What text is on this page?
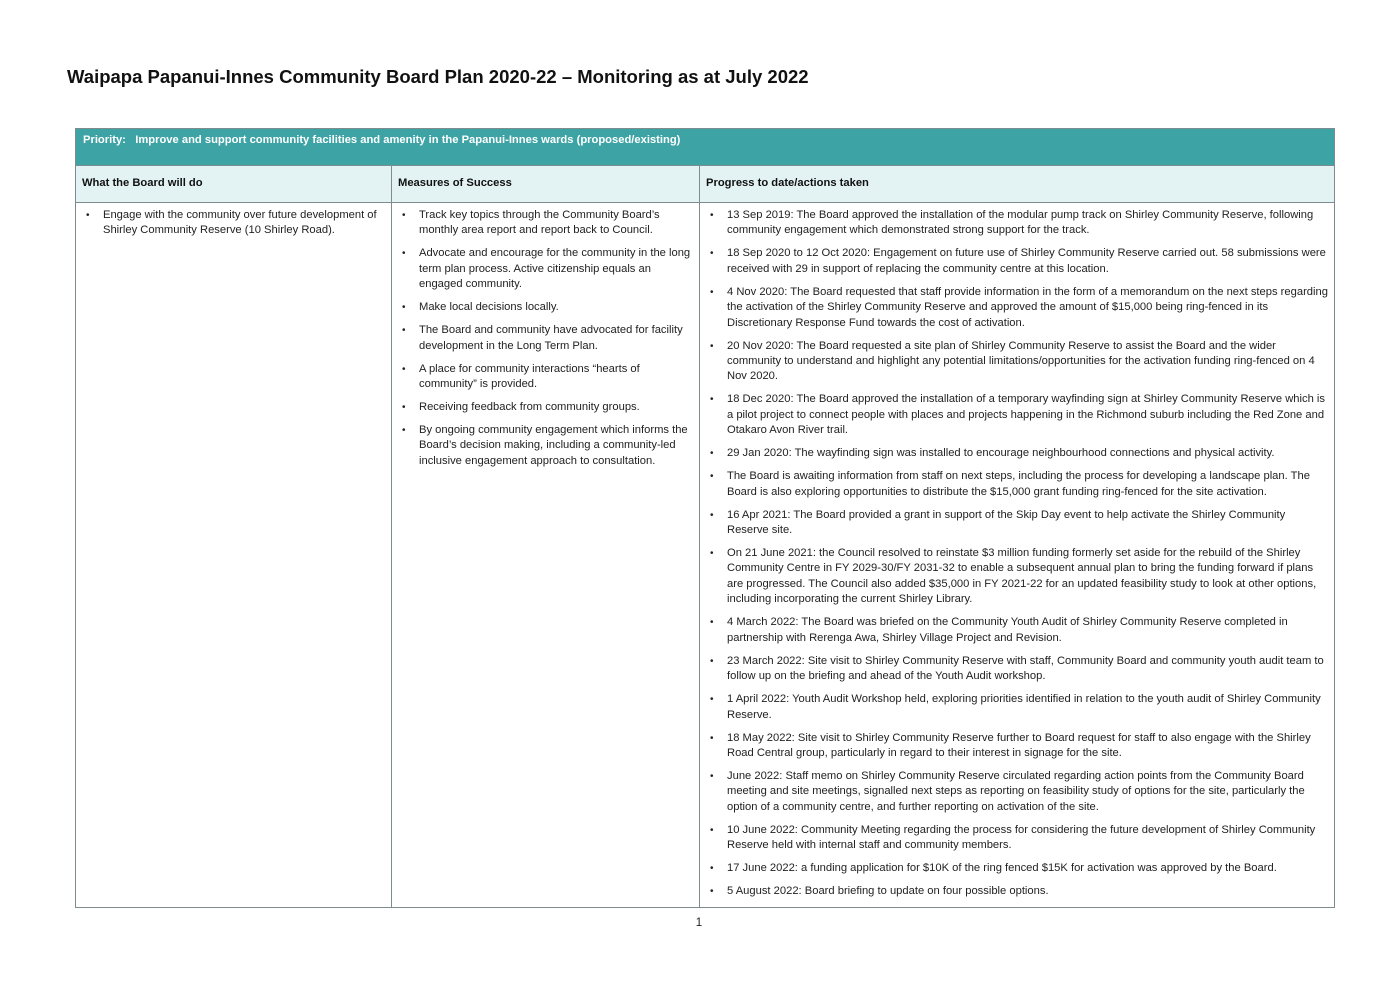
Waipapa Papanui-Innes Community Board Plan 2020-22 – Monitoring as at July 2022
Priority:   Improve and support community facilities and amenity in the Papanui-Innes wards (proposed/existing)
What the Board will do	Measures of Success	Progress to date/actions taken
• Engage with the community over future development of Shirley Community Reserve (10 Shirley Road).
• Track key topics through the Community Board’s monthly area report and report back to Council.
• Advocate and encourage for the community in the long term plan process. Active citizenship equals an engaged community.
• Make local decisions locally.
• The Board and community have advocated for facility development in the Long Term Plan.
• A place for community interactions “hearts of community” is provided.
• Receiving feedback from community groups.
• By ongoing community engagement which informs the Board’s decision making, including a community-led inclusive engagement approach to consultation.
• 13 Sep 2019: The Board approved the installation of the modular pump track on Shirley Community Reserve, following community engagement which demonstrated strong support for the track.
• 18 Sep 2020 to 12 Oct 2020: Engagement on future use of Shirley Community Reserve carried out. 58 submissions were received with 29 in support of replacing the community centre at this location.
• 4 Nov 2020: The Board requested that staff provide information in the form of a memorandum on the next steps regarding the activation of the Shirley Community Reserve and approved the amount of $15,000 being ring-fenced in its Discretionary Response Fund towards the cost of activation.
• 20 Nov 2020: The Board requested a site plan of Shirley Community Reserve to assist the Board and the wider community to understand and highlight any potential limitations/opportunities for the activation funding ring-fenced on 4 Nov 2020.
• 18 Dec 2020: The Board approved the installation of a temporary wayfinding sign at Shirley Community Reserve which is a pilot project to connect people with places and projects happening in the Richmond suburb including the Red Zone and Otakaro Avon River trail.
• 29 Jan 2020: The wayfinding sign was installed to encourage neighbourhood connections and physical activity.
• The Board is awaiting information from staff on next steps, including the process for developing a landscape plan. The Board is also exploring opportunities to distribute the $15,000 grant funding ring-fenced for the site activation.
• 16 Apr 2021: The Board provided a grant in support of the Skip Day event to help activate the Shirley Community Reserve site.
• On 21 June 2021: the Council resolved to reinstate $3 million funding formerly set aside for the rebuild of the Shirley Community Centre in FY 2029-30/FY 2031-32 to enable a subsequent annual plan to bring the funding forward if plans are progressed. The Council also added $35,000 in FY 2021-22 for an updated feasibility study to look at other options, including incorporating the current Shirley Library.
• 4 March 2022: The Board was briefed on the Community Youth Audit of Shirley Community Reserve completed in partnership with Rerenga Awa, Shirley Village Project and Revision.
• 23 March 2022: Site visit to Shirley Community Reserve with staff, Community Board and community youth audit team to follow up on the briefing and ahead of the Youth Audit workshop.
• 1 April 2022: Youth Audit Workshop held, exploring priorities identified in relation to the youth audit of Shirley Community Reserve.
• 18 May 2022: Site visit to Shirley Community Reserve further to Board request for staff to also engage with the Shirley Road Central group, particularly in regard to their interest in signage for the site.
• June 2022: Staff memo on Shirley Community Reserve circulated regarding action points from the Community Board meeting and site meetings, signalled next steps as reporting on feasibility study of options for the site, particularly the option of a community centre, and further reporting on activation of the site.
• 10 June 2022: Community Meeting regarding the process for considering the future development of Shirley Community Reserve held with internal staff and community members.
• 17 June 2022: a funding application for $10K of the ring fenced $15K for activation was approved by the Board.
• 5 August 2022: Board briefing to update on four possible options.
1
